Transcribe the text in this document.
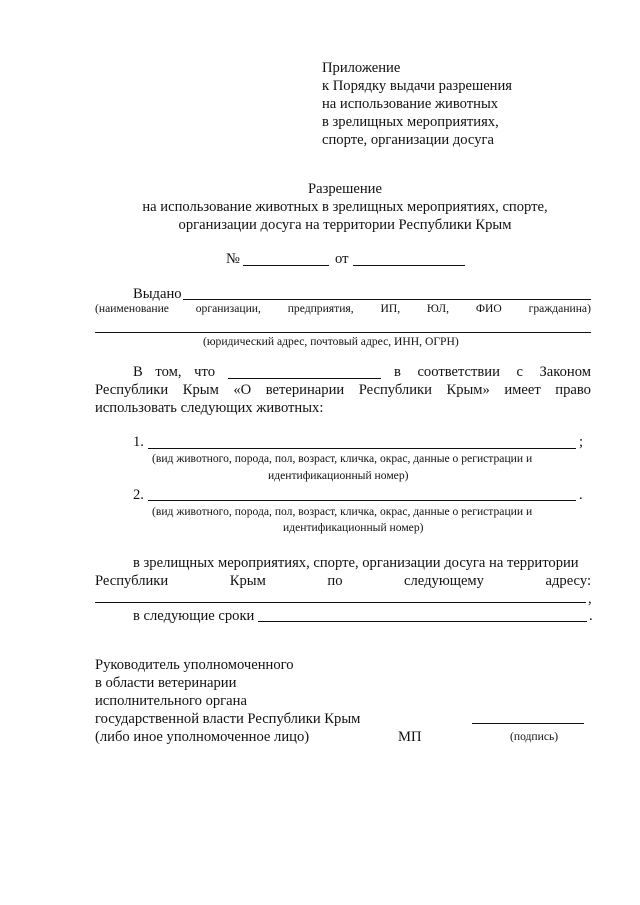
Приложение
к Порядку выдачи разрешения
на использование животных
в зрелищных мероприятиях,
спорте, организации досуга
Разрешение
на использование животных в зрелищных мероприятиях, спорте,
организации досуга на территории Республики Крым
№	от
Выдано
(наименование организации, предприятия, ИП, ЮЛ, ФИО гражданина)
(юридический адрес, почтовый адрес, ИНН, ОГРН)
В том, что	в соответствии с Законом
Республики Крым «О ветеринарии Республики Крым» имеет право
использовать следующих животных:
1.	;
(вид животного, порода, пол, возраст, кличка, окрас, данные о регистрации и
идентификационный номер)
2.	.
(вид животного, порода, пол, возраст, кличка, окрас, данные о регистрации и
идентификационный номер)
в зрелищных мероприятиях, спорте, организации досуга на территории
Республики	Крым	по	следующему	адресу:
,
в следующие сроки	.
Руководитель уполномоченного
в области ветеринарии
исполнительного органа
государственной власти Республики Крым
(либо иное уполномоченное лицо)	МП	(подпись)
